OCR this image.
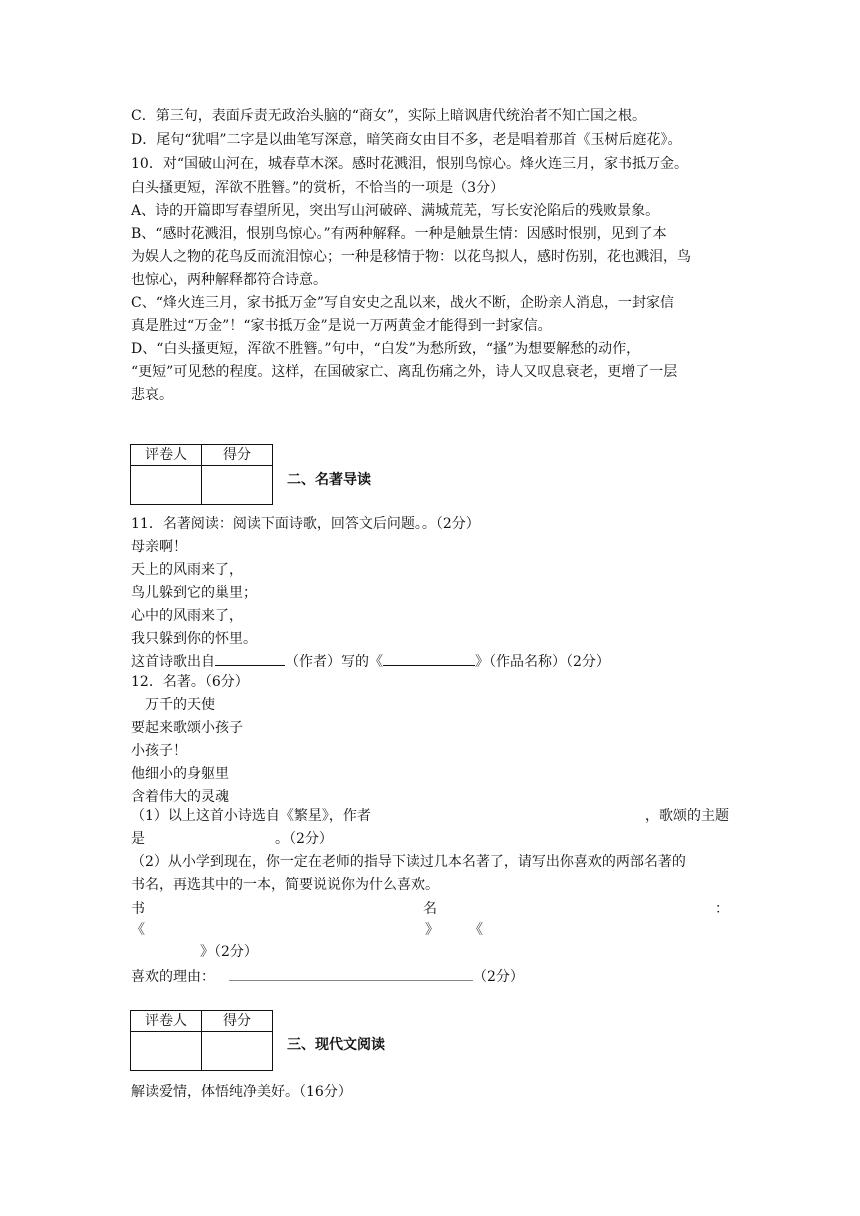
C．第三句，表面斥责无政治头脑的“商女”，实际上暗讽唐代统治者不知亡国之根。
D．尾句“犹唱”二字是以曲笔写深意，暗笑商女由目不多，老是唱着那首《玉树后庭花》。
10．对“国破山河在，城春草木深。感时花溅泪，恨别鸟惊心。烽火连三月，家书抵万金。
白头搔更短，浑欲不胜簪。”的赏析，不恰当的一项是（3分）
A、诗的开篇即写春望所见，突出写山河破碎、满城荒芜，写长安沦陷后的残败景象。
B、“感时花溅泪，恨别鸟惊心。”有两种解释。一种是触景生情：因感时恨别，见到了本
为娱人之物的花鸟反而流泪惊心；一种是移情于物：以花鸟拟人，感时伤别，花也溅泪，鸟
也惊心，两种解释都符合诗意。
C、“烽火连三月，家书抵万金”写自安史之乱以来，战火不断，企盼亲人消息，一封家信
真是胜过“万金”！“家书抵万金”是说一万两黄金才能得到一封家信。
D、“白头搔更短，浑欲不胜簪。”句中，“白发”为愁所致，“搔”为想要解愁的动作，
“更短”可见愁的程度。这样，在国破家亡、离乱伤痛之外，诗人又叹息衰老，更增了一层
悲哀。
评卷人	得分

二、名著导读
11．名著阅读：阅读下面诗歌，回答文后问题。。（2分）
母亲啊！
天上的风雨来了，
鸟儿躲到它的巢里；
心中的风雨来了，
我只躲到你的怀里。
这首诗歌出自	（作者）写的《	》（作品名称）（2分）
12．名著。（6分）
万千的天使
要起来歌颂小孩子
小孩子！
他细小的身躯里
含着伟大的灵魂
（1）以上这首小诗选自《繁星》，作者	，歌颂的主题
是	。（2分）
（2）从小学到现在，你一定在老师的指导下读过几本名著了，请写出你喜欢的两部名著的
书名，再选其中的一本，简要说说你为什么喜欢。
书	名	：
《	》 《
》（2分）
喜欢的理由：	（2分）
评卷人	得分

三、现代文阅读
解读爱情，体悟纯净美好。（16分）
